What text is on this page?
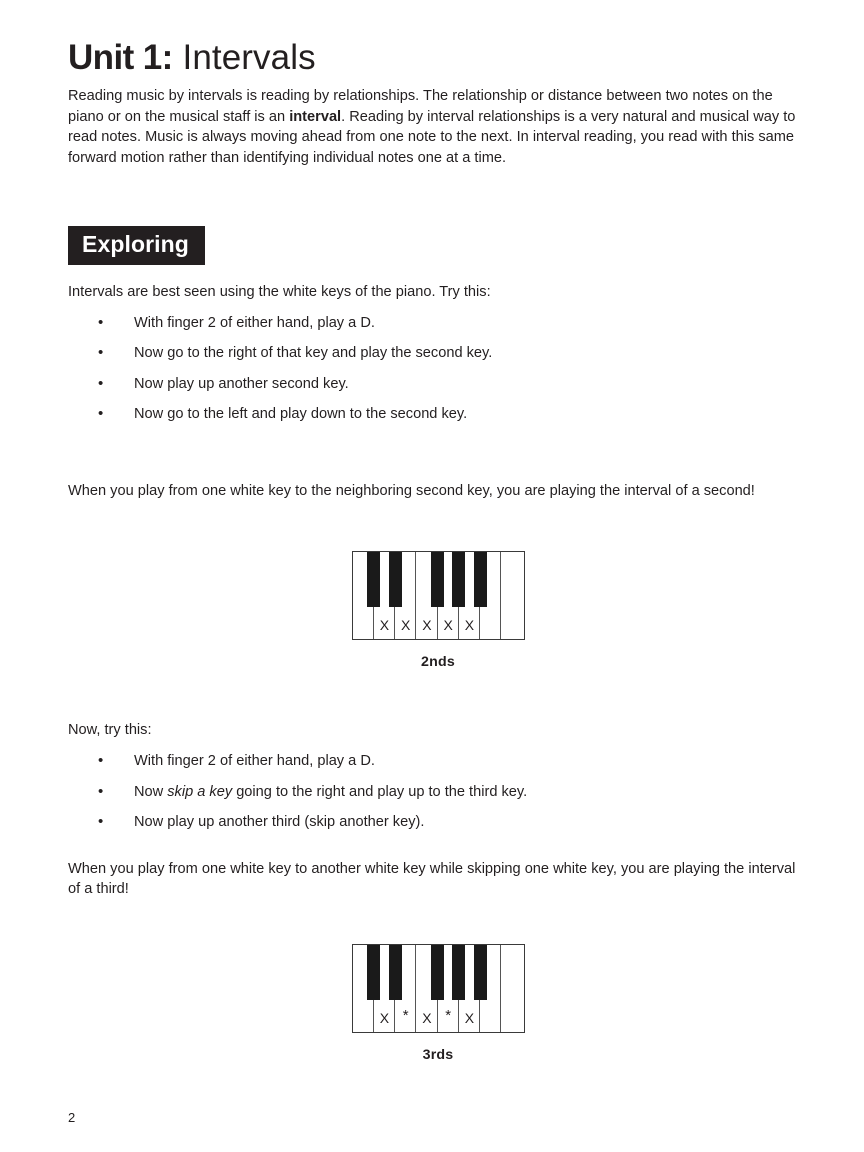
Unit 1: Intervals

Reading music by intervals is reading by relationships. The relationship or distance between two notes on the piano or on the musical staff is an interval. Reading by interval relationships is a very natural and musical way to read notes. Music is always moving ahead from one note to the next. In interval reading, you read with this same forward motion rather than identifying individual notes one at a time.

Exploring

Intervals are best seen using the white keys of the piano. Try this:

• With finger 2 of either hand, play a D.
• Now go to the right of that key and play the second key.
• Now play up another second key.
• Now go to the left and play down to the second key.

When you play from one white key to the neighboring second key, you are playing the interval of a second!

X X X X X
2nds

Now, try this:

• With finger 2 of either hand, play a D.
• Now skip a key going to the right and play up to the third key.
• Now play up another third (skip another key).

When you play from one white key to another white key while skipping one white key, you are playing the interval of a third!

X * X * X
3rds
2
